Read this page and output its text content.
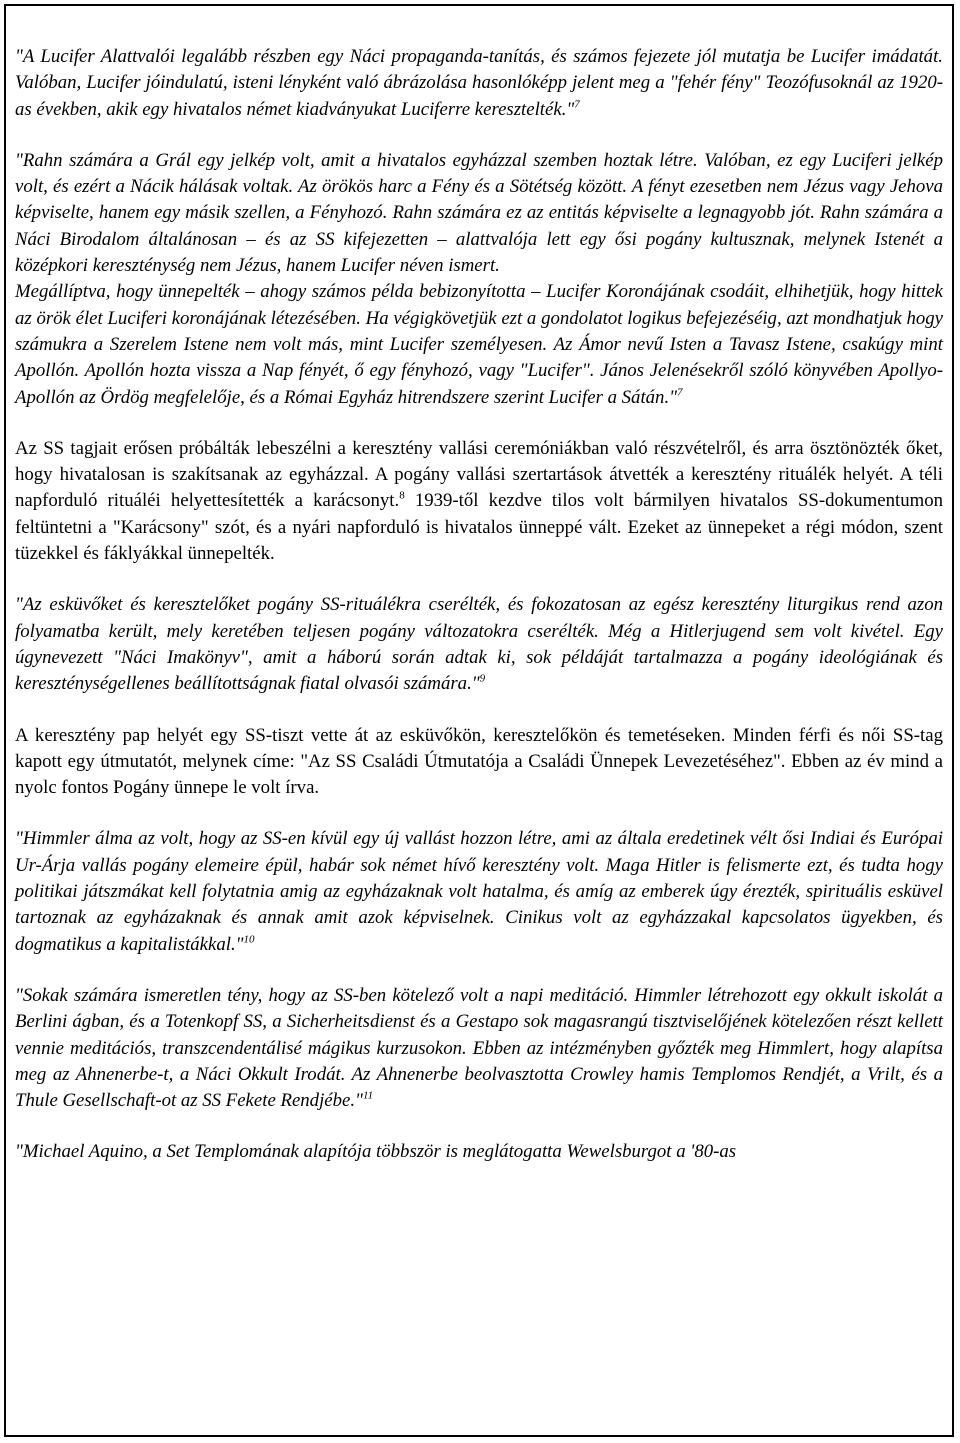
"A Lucifer Alattvalói legalább részben egy Náci propaganda-tanítás, és számos fejezete jól mutatja be Lucifer imádatát. Valóban, Lucifer jóindulatú, isteni lényként való ábrázolása hasonlóképp jelent meg a "fehér fény" Teozófusoknál az 1920-as években, akik egy hivatalos német kiadványukat Luciferre keresztelték."$^7$

"Rahn számára a Grál egy jelkép volt, amit a hivatalos egyházzal szemben hoztak létre. Valóban, ez egy Luciferi jelkép volt, és ezért a Nácik hálásak voltak. Az örökös harc a Fény és a Sötétség között. A fényt ezesetben nem Jézus vagy Jehova képviselte, hanem egy másik szellen, a Fényhozó. Rahn számára ez az entitás képviselte a legnagyobb jót. Rahn számára a Náci Birodalom általánosan – és az SS kifejezetten – alattvalója lett egy ősi pogány kultusznak, melynek Istenét a középkori kereszténység nem Jézus, hanem Lucifer néven ismert.

Megállíptva, hogy ünnepelték – ahogy számos példa bebizonyította – Lucifer Koronájának csodáit, elhihetjük, hogy hittek az örök élet Luciferi koronájának létezésében. Ha végigkövetjük ezt a gondolatot logikus befejezéséig, azt mondhatjuk hogy számukra a Szerelem Istene nem volt más, mint Lucifer személyesen. Az Ámor nevű Isten a Tavasz Istene, csakúgy mint Apollón. Apollón hozta vissza a Nap fényét, ő egy fényhozó, vagy "Lucifer". János Jelenésekről szóló könyvében Apollyo-Apollón az Ördög megfelelője, és a Római Egyház hitrendszere szerint Lucifer a Sátán."$^7$

Az SS tagjait erősen próbálták lebeszélni a keresztény vallási ceremóniákban való részvételről, és arra ösztönözték őket, hogy hivatalosan is szakítsanak az egyházzal. A pogány vallási szertartások átvették a keresztény rituálék helyét. A téli napforduló rituáléi helyettesítették a karácsonyt.$^8$ 1939-től kezdve tilos volt bármilyen hivatalos SS-dokumentumon feltüntetni a "Karácsony" szót, és a nyári napforduló is hivatalos ünneppé vált. Ezeket az ünnepeket a régi módon, szent tüzekkel és fáklyákkal ünnepelték.

"Az esküvőket és keresztelőket pogány SS-rituálékra cserélték, és fokozatosan az egész keresztény liturgikus rend azon folyamatba került, mely keretében teljesen pogány változatokra cserélték. Még a Hitlerjugend sem volt kivétel. Egy úgynevezett "Náci Imakönyv", amit a háború során adtak ki, sok példáját tartalmazza a pogány ideológiának és kereszténységellenes beállítottságnak fiatal olvasói számára."$^9$

A keresztény pap helyét egy SS-tiszt vette át az esküvőkön, keresztelőkön és temetéseken. Minden férfi és női SS-tag kapott egy útmutatót, melynek címe: "Az SS Családi Útmutatója a Családi Ünnepek Levezetéséhez". Ebben az év mind a nyolc fontos Pogány ünnepe le volt írva.

"Himmler álma az volt, hogy az SS-en kívül egy új vallást hozzon létre, ami az általa eredetinek vélt ősi Indiai és Európai Ur-Árja vallás pogány elemeire épül, habár sok német hívő keresztény volt. Maga Hitler is felismerte ezt, és tudta hogy politikai játszmákat kell folytatnia amig az egyházaknak volt hatalma, és amíg az emberek úgy érezték, spirituális esküvel tartoznak az egyházaknak és annak amit azok képviselnek. Cinikus volt az egyházzakal kapcsolatos ügyekben, és dogmatikus a kapitalistákkal."$^{10}$

"Sokak számára ismeretlen tény, hogy az SS-ben kötelező volt a napi meditáció. Himmler létrehozott egy okkult iskolát a Berlini ágban, és a Totenkopf SS, a Sicherheitsdienst és a Gestapo sok magasrangú tisztviselőjének kötelezően részt kellett vennie meditációs, transzcendentálisé mágikus kurzusokon. Ebben az intézményben győzték meg Himmlert, hogy alapítsa meg az Ahnenerbe-t, a Náci Okkult Irodát. Az Ahnenerbe beolvasztotta Crowley hamis Templomos Rendjét, a Vrilt, és a Thule Gesellschaft-ot az SS Fekete Rendjébe."$^{11}$

"Michael Aquino, a Set Templomának alapítója többször is meglátogatta Wewelsburgot a '80-as
